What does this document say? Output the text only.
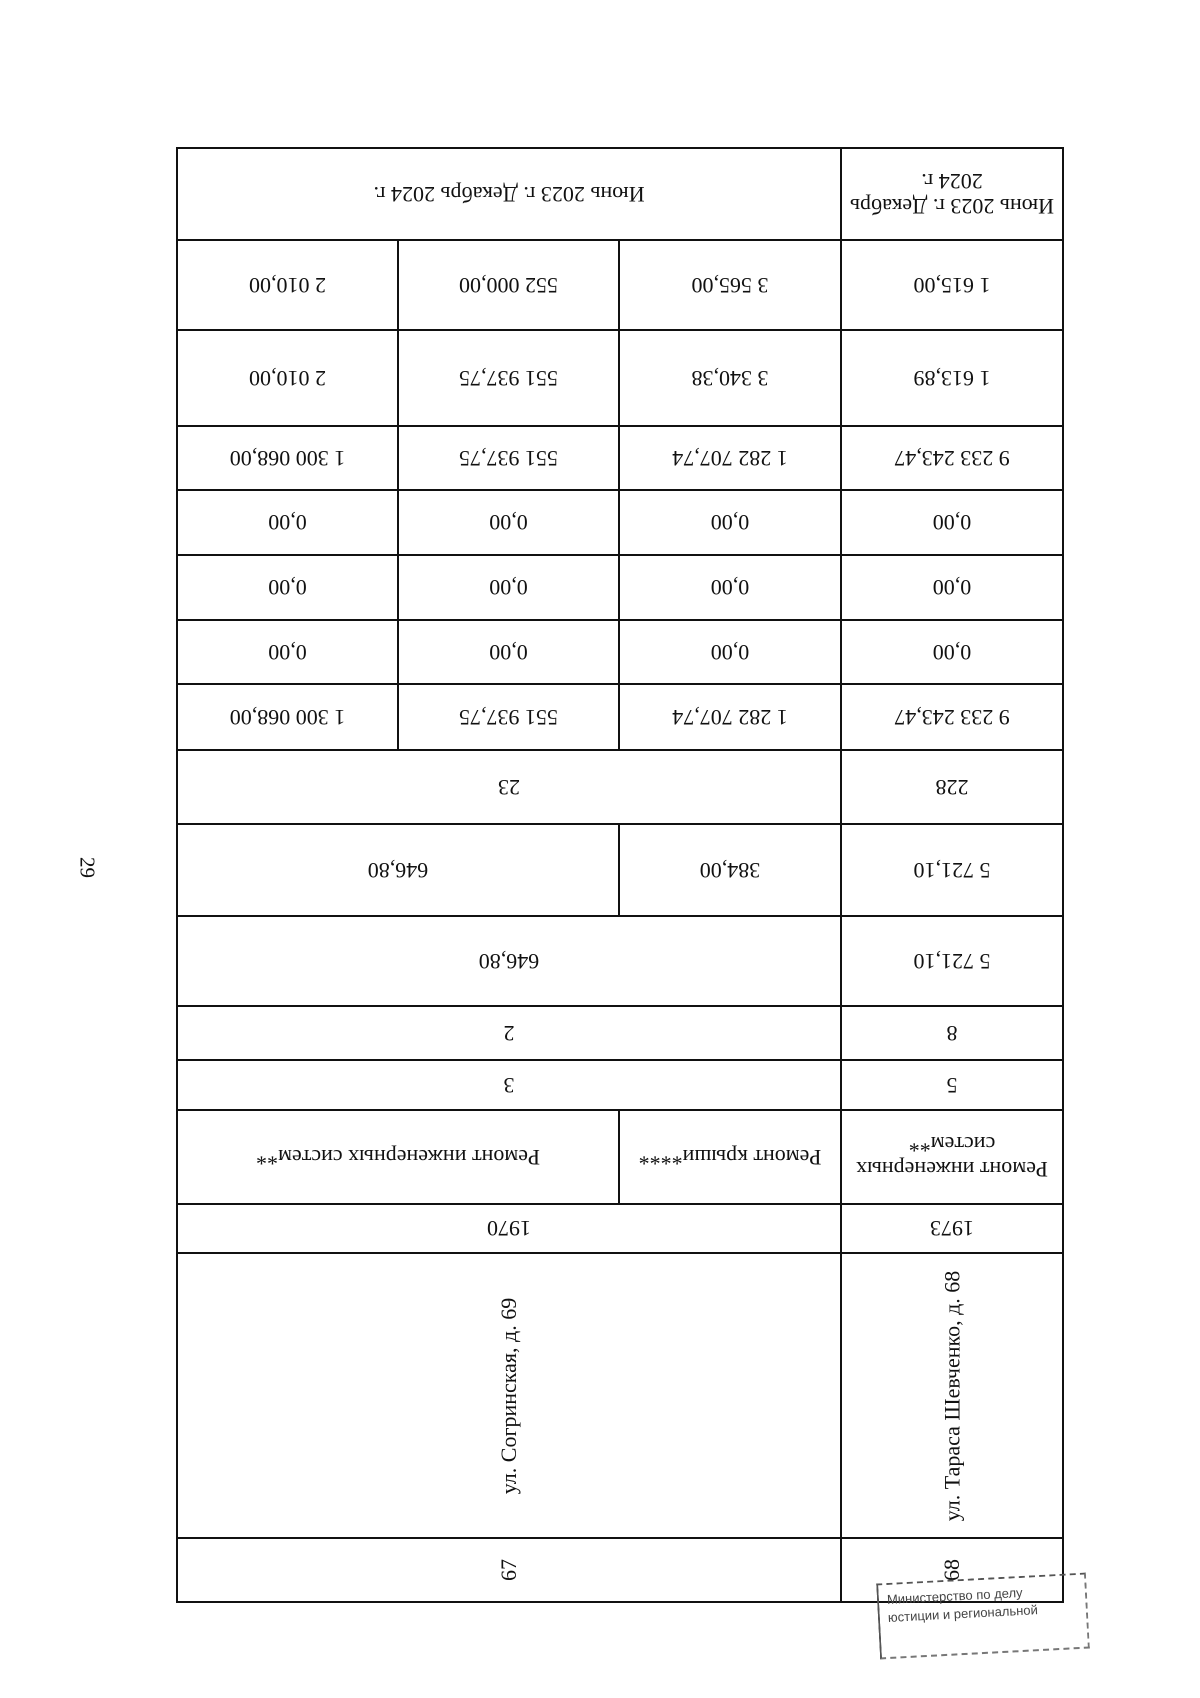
29
Июнь 2023 г. Декабрь 2024 г.
1 615,00
1 613,89
9 233 243,47
0,00
0,00
0,00
9 233 243,47
228
5 721,10
5 721,10
8
5
Ремонт инженерных систем**
1973
ул. Тараса Шевченко, д. 68
68
Июнь 2023 г. Декабрь 2024 г.
3 565,00
552 000,00
2 010,00
3 340,38
551 937,75
2 010,00
1 282 707,74
551 937,75
1 300 068,00
0,00
0,00
0,00
0,00
0,00
0,00
0,00
0,00
0,00
1 282 707,74
551 937,75
1 300 068,00
23
384,00
646,80
646,80
2
3
Ремонт крыши****
Ремонт инженерных систем**
1970
ул. Согринская, д. 69
67
Министерство по делу
юстиции и региональной
